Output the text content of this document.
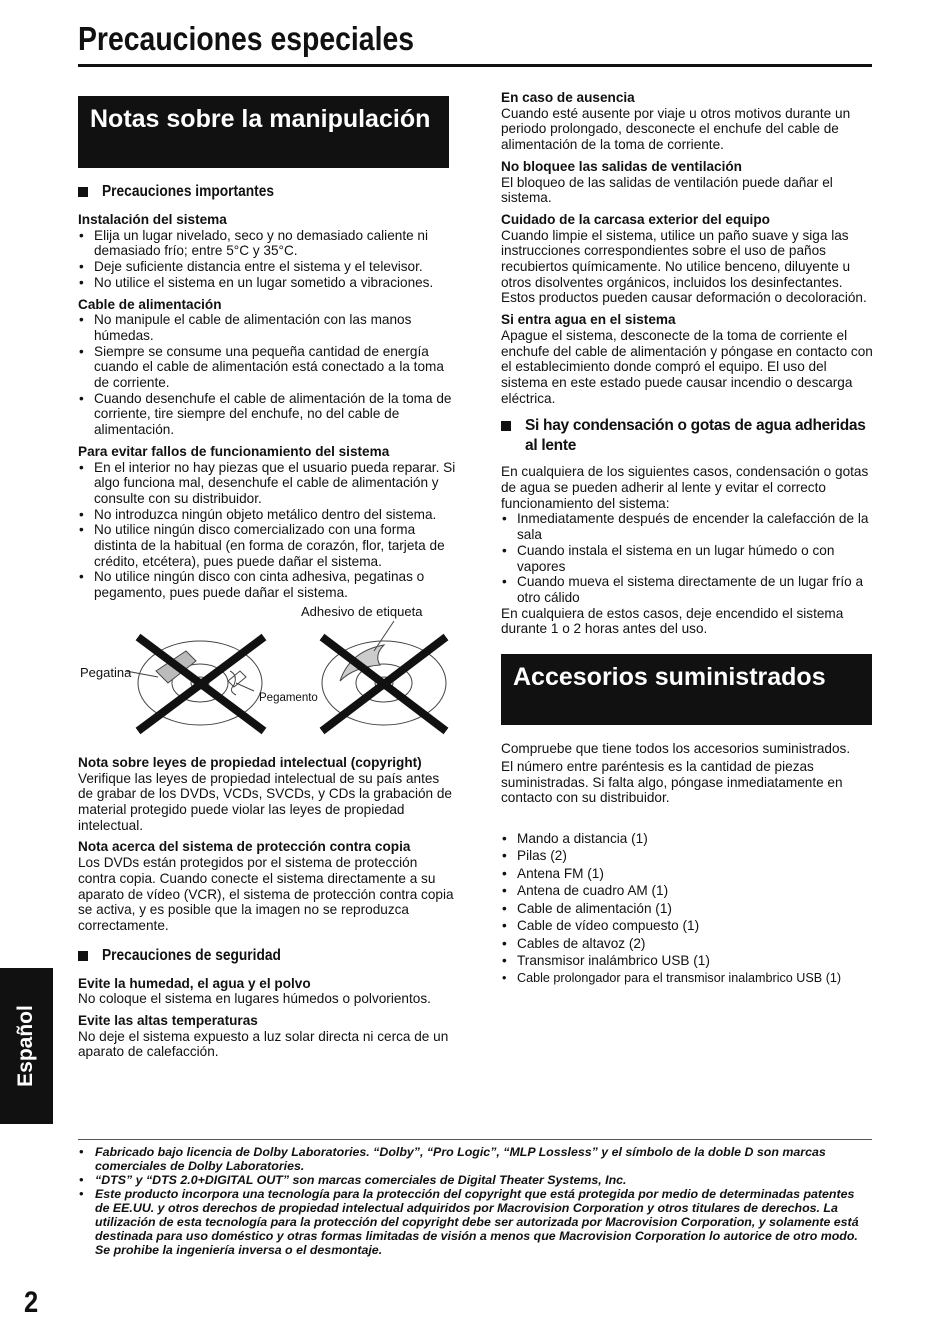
Precauciones especiales
Notas sobre la manipulación
Precauciones importantes
Instalación del sistema
• Elija un lugar nivelado, seco y no demasiado caliente ni demasiado frío; entre 5°C y 35°C.
• Deje suficiente distancia entre el sistema y el televisor.
• No utilice el sistema en un lugar sometido a vibraciones.
Cable de alimentación
• No manipule el cable de alimentación con las manos húmedas.
• Siempre se consume una pequeña cantidad de energía cuando el cable de alimentación está conectado a la toma de corriente.
• Cuando desenchufe el cable de alimentación de la toma de corriente, tire siempre del enchufe, no del cable de alimentación.
Para evitar fallos de funcionamiento del sistema
• En el interior no hay piezas que el usuario pueda reparar. Si algo funciona mal, desenchufe el cable de alimentación y consulte con su distribuidor.
• No introduzca ningún objeto metálico dentro del sistema.
• No utilice ningún disco comercializado con una forma distinta de la habitual (en forma de corazón, flor, tarjeta de crédito, etcétera), pues puede dañar el sistema.
• No utilice ningún disco con cinta adhesiva, pegatinas o pegamento, pues puede dañar el sistema.
Adhesivo de etiqueta
Pegatina
Pegamento
Nota sobre leyes de propiedad intelectual (copyright)
Verifique las leyes de propiedad intelectual de su país antes de grabar de los DVDs, VCDs, SVCDs, y CDs la grabación de material protegido puede violar las leyes de propiedad intelectual.
Nota acerca del sistema de protección contra copia
Los DVDs están protegidos por el sistema de protección contra copia. Cuando conecte el sistema directamente a su aparato de vídeo (VCR), el sistema de protección contra copia se activa, y es posible que la imagen no se reproduzca correctamente.
Precauciones de seguridad
Evite la humedad, el agua y el polvo
No coloque el sistema en lugares húmedos o polvorientos.
Evite las altas temperaturas
No deje el sistema expuesto a luz solar directa ni cerca de un aparato de calefacción.
En caso de ausencia
Cuando esté ausente por viaje u otros motivos durante un periodo prolongado, desconecte el enchufe del cable de alimentación de la toma de corriente.
No bloquee las salidas de ventilación
El bloqueo de las salidas de ventilación puede dañar el sistema.
Cuidado de la carcasa exterior del equipo
Cuando limpie el sistema, utilice un paño suave y siga las instrucciones correspondientes sobre el uso de paños recubiertos químicamente. No utilice benceno, diluyente u otros disolventes orgánicos, incluidos los desinfectantes. Estos productos pueden causar deformación o decoloración.
Si entra agua en el sistema
Apague el sistema, desconecte de la toma de corriente el enchufe del cable de alimentación y póngase en contacto con el establecimiento donde compró el equipo. El uso del sistema en este estado puede causar incendio o descarga eléctrica.
Si hay condensación o gotas de agua adheridas al lente
En cualquiera de los siguientes casos, condensación o gotas de agua se pueden adherir al lente y evitar el correcto funcionamiento del sistema:
• Inmediatamente después de encender la calefacción de la sala
• Cuando instala el sistema en un lugar húmedo o con vapores
• Cuando mueva el sistema directamente de un lugar frío a otro cálido
En cualquiera de estos casos, deje encendido el sistema durante 1 o 2 horas antes del uso.
Accesorios suministrados
Compruebe que tiene todos los accesorios suministrados.
El número entre paréntesis es la cantidad de piezas suministradas. Si falta algo, póngase inmediatamente en contacto con su distribuidor.
• Mando a distancia (1)
• Pilas (2)
• Antena FM (1)
• Antena de cuadro AM (1)
• Cable de alimentación (1)
• Cable de vídeo compuesto (1)
• Cables de altavoz (2)
• Transmisor inalámbrico USB (1)
• Cable prolongador para el transmisor inalambrico USB (1)
Español
• Fabricado bajo licencia de Dolby Laboratories. “Dolby”, “Pro Logic”, “MLP Lossless” y el símbolo de la doble D son marcas comerciales de Dolby Laboratories.
• “DTS” y “DTS 2.0+DIGITAL OUT” son marcas comerciales de Digital Theater Systems, Inc.
• Este producto incorpora una tecnología para la protección del copyright que está protegida por medio de determinadas patentes de EE.UU. y otros derechos de propiedad intelectual adquiridos por Macrovision Corporation y otros titulares de derechos. La utilización de esta tecnología para la protección del copyright debe ser autorizada por Macrovision Corporation, y solamente está destinada para uso doméstico y otras formas limitadas de visión a menos que Macrovision Corporation lo autorice de otro modo. Se prohibe la ingeniería inversa o el desmontaje.
2
